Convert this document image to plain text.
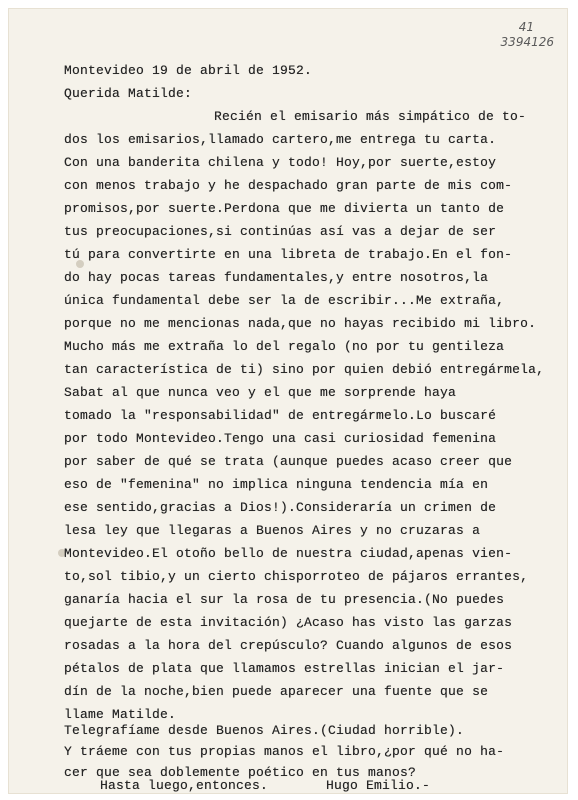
41
3394126
Montevideo 19 de abril de 1952.
Querida Matilde:
Recién el emisario más simpático de to-
dos los emisarios,llamado cartero,me entrega tu carta.
Con una banderita chilena y todo! Hoy,por suerte,estoy
con menos trabajo y he despachado gran parte de mis com-
promisos,por suerte.Perdona que me divierta un tanto de
tus preocupaciones,si continúas así vas a dejar de ser
tú para convertirte en una libreta de trabajo.En el fon-
do hay pocas tareas fundamentales,y entre nosotros,la
única fundamental debe ser la de escribir...Me extraña,
porque no me mencionas nada,que no hayas recibido mi libro.
Mucho más me extraña lo del regalo (no por tu gentileza
tan característica de ti) sino por quien debió entregármela,
Sabat al que nunca veo y el que me sorprende haya
tomado la "responsabilidad" de entregármelo.Lo buscaré
por todo Montevideo.Tengo una casi curiosidad femenina
por saber de qué se trata (aunque puedes acaso creer que
eso de "femenina" no implica ninguna tendencia mía en
ese sentido,gracias a Dios!).Consideraría un crimen de
lesa ley que llegaras a Buenos Aires y no cruzaras a
Montevideo.El otoño bello de nuestra ciudad,apenas vien-
to,sol tibio,y un cierto chisporroteo de pájaros errantes,
ganaría hacia el sur la rosa de tu presencia.(No puedes
quejarte de esta invitación) ¿Acaso has visto las garzas
rosadas a la hora del crepúsculo? Cuando algunos de esos
pétalos de plata que llamamos estrellas inician el jar-
dín de la noche,bien puede aparecer una fuente que se
llame Matilde.
Telegrafíame desde Buenos Aires.(Ciudad horrible).
Y tráeme con tus propias manos el libro,¿por qué no ha-
cer que sea doblemente poético en tus manos?
Hasta luego,entonces.	Hugo Emilio.-
